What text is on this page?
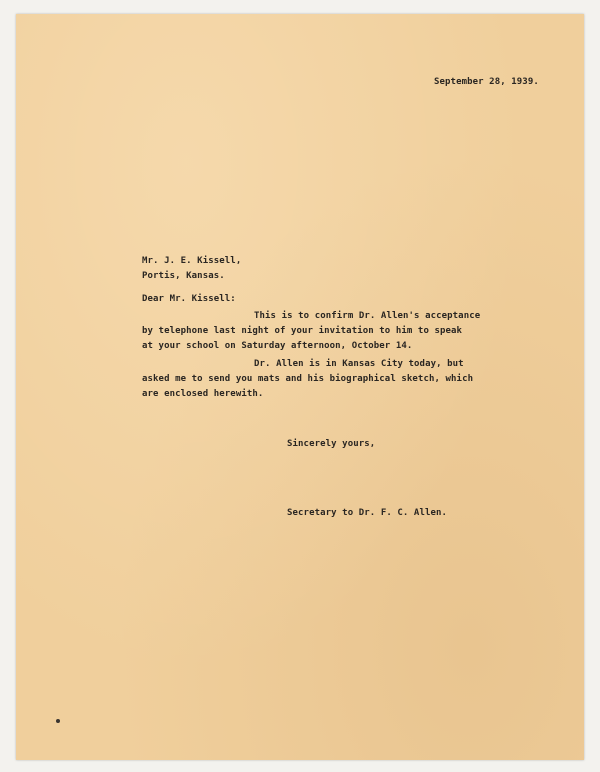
September 28, 1939.
Mr. J. E. Kissell,
Portis, Kansas.
Dear Mr. Kissell:
This is to confirm Dr. Allen's acceptance
by telephone last night of your invitation to him to speak
at your school on Saturday afternoon, October 14.
Dr. Allen is in Kansas City today, but
asked me to send you mats and his biographical sketch, which
are enclosed herewith.
Sincerely yours,
Secretary to Dr. F. C. Allen.
